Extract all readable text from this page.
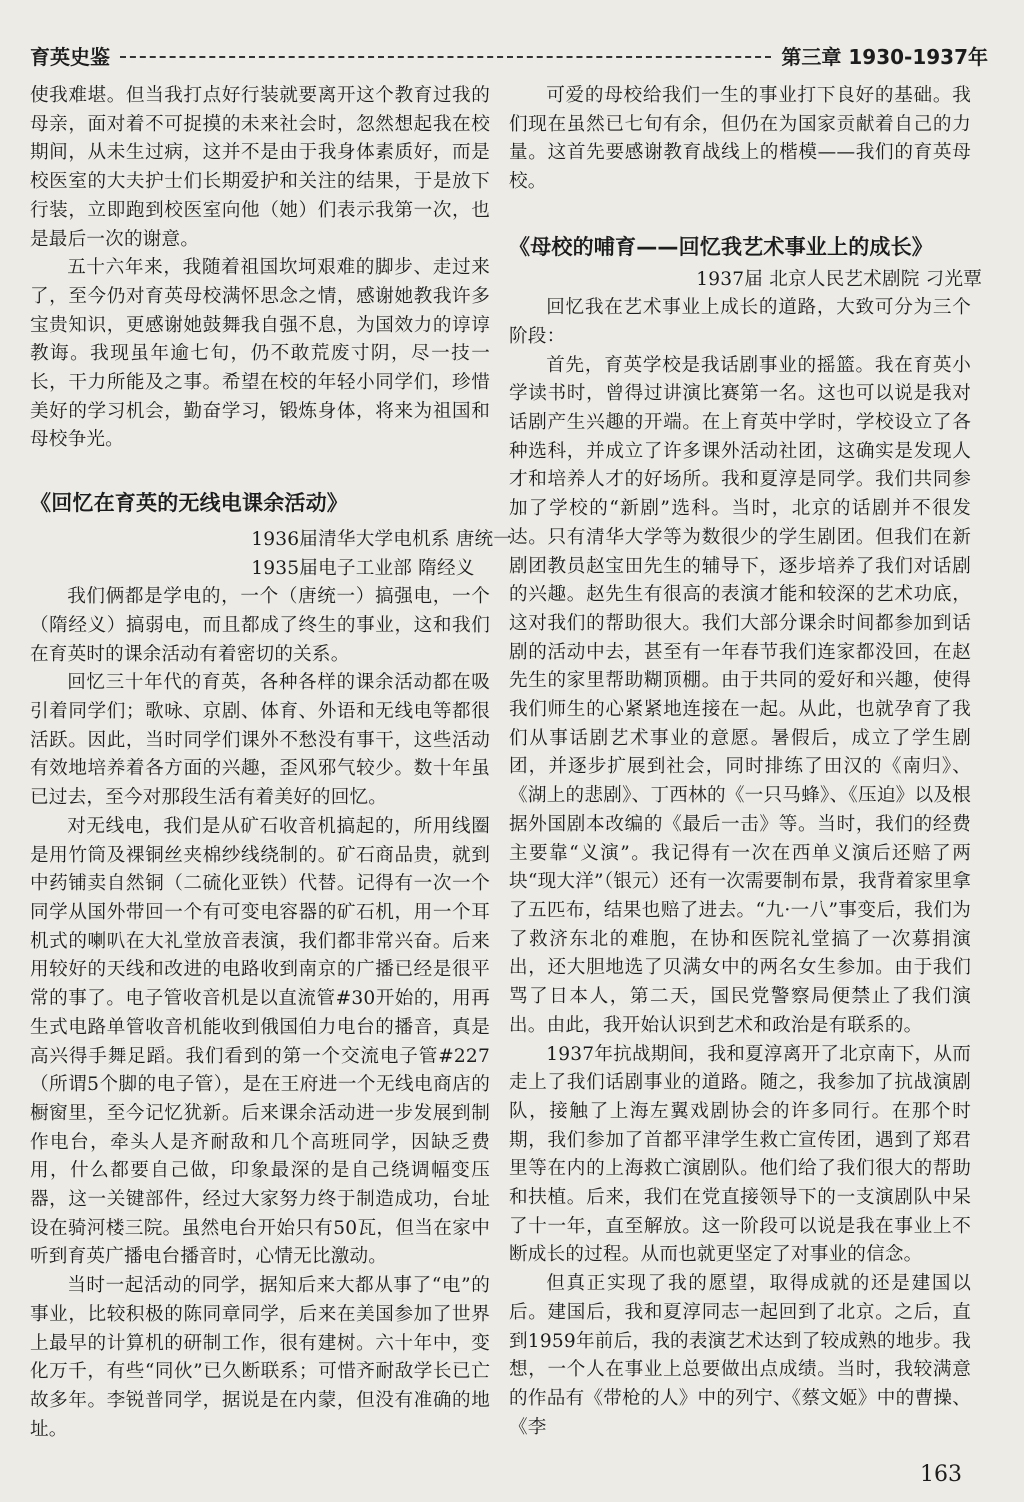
育英史鉴	第三章 1930-1937年

使我难堪。但当我打点好行装就要离开这个教育过我的母亲，面对着不可捉摸的未来社会时，忽然想起我在校期间，从未生过病，这并不是由于我身体素质好，而是校医室的大夫护士们长期爱护和关注的结果，于是放下行装，立即跑到校医室向他（她）们表示我第一次，也是最后一次的谢意。

五十六年来，我随着祖国坎坷艰难的脚步、走过来了，至今仍对育英母校满怀思念之情，感谢她教我许多宝贵知识，更感谢她鼓舞我自强不息，为国效力的谆谆教诲。我现虽年逾七旬，仍不敢荒废寸阴，尽一技一长，干力所能及之事。希望在校的年轻小同学们，珍惜美好的学习机会，勤奋学习，锻炼身体，将来为祖国和母校争光。

《回忆在育英的无线电课余活动》

1936届清华大学电机系 唐统一

1935届电子工业部 隋经义

我们俩都是学电的，一个（唐统一）搞强电，一个（隋经义）搞弱电，而且都成了终生的事业，这和我们在育英时的课余活动有着密切的关系。

回忆三十年代的育英，各种各样的课余活动都在吸引着同学们；歌咏、京剧、体育、外语和无线电等都很活跃。因此，当时同学们课外不愁没有事干，这些活动有效地培养着各方面的兴趣，歪风邪气较少。数十年虽已过去，至今对那段生活有着美好的回忆。

对无线电，我们是从矿石收音机搞起的，所用线圈是用竹筒及裸铜丝夹棉纱线绕制的。矿石商品贵，就到中药铺卖自然铜（二硫化亚铁）代替。记得有一次一个同学从国外带回一个有可变电容器的矿石机，用一个耳机式的喇叭在大礼堂放音表演，我们都非常兴奋。后来用较好的天线和改进的电路收到南京的广播已经是很平常的事了。电子管收音机是以直流管#30开始的，用再生式电路单管收音机能收到俄国伯力电台的播音，真是高兴得手舞足蹈。我们看到的第一个交流电子管#227（所谓5个脚的电子管），是在王府进一个无线电商店的橱窗里，至今记忆犹新。后来课余活动进一步发展到制作电台，牵头人是齐耐敌和几个高班同学，因缺乏费用，什么都要自己做，印象最深的是自己绕调幅变压器，这一关键部件，经过大家努力终于制造成功，台址设在骑河楼三院。虽然电台开始只有50瓦，但当在家中听到育英广播电台播音时，心情无比激动。

当时一起活动的同学，据知后来大都从事了“电”的事业，比较积极的陈同章同学，后来在美国参加了世界上最早的计算机的研制工作，很有建树。六十年中，变化万千，有些“同伙”已久断联系；可惜齐耐敌学长已亡故多年。李锐普同学，据说是在内蒙，但没有准确的地址。

可爱的母校给我们一生的事业打下良好的基础。我们现在虽然已七旬有余，但仍在为国家贡献着自己的力量。这首先要感谢教育战线上的楷模——我们的育英母校。

《母校的哺育——回忆我艺术事业上的成长》

1937届 北京人民艺术剧院 刁光覃

回忆我在艺术事业上成长的道路，大致可分为三个阶段：

首先，育英学校是我话剧事业的摇篮。我在育英小学读书时，曾得过讲演比赛第一名。这也可以说是我对话剧产生兴趣的开端。在上育英中学时，学校设立了各种选科，并成立了许多课外活动社团，这确实是发现人才和培养人才的好场所。我和夏淳是同学。我们共同参加了学校的“新剧”选科。当时，北京的话剧并不很发达。只有清华大学等为数很少的学生剧团。但我们在新剧团教员赵宝田先生的辅导下，逐步培养了我们对话剧的兴趣。赵先生有很高的表演才能和较深的艺术功底，这对我们的帮助很大。我们大部分课余时间都参加到话剧的活动中去，甚至有一年春节我们连家都没回，在赵先生的家里帮助糊顶棚。由于共同的爱好和兴趣，使得我们师生的心紧紧地连接在一起。从此，也就孕育了我们从事话剧艺术事业的意愿。暑假后，成立了学生剧团，并逐步扩展到社会，同时排练了田汉的《南归》、《湖上的悲剧》、丁西林的《一只马蜂》、《压迫》以及根据外国剧本改编的《最后一击》等。当时，我们的经费主要靠“义演”。我记得有一次在西单义演后还赔了两块“现大洋”（银元）还有一次需要制布景，我背着家里拿了五匹布，结果也赔了进去。“九·一八”事变后，我们为了救济东北的难胞，在协和医院礼堂搞了一次募捐演出，还大胆地选了贝满女中的两名女生参加。由于我们骂了日本人，第二天，国民党警察局便禁止了我们演出。由此，我开始认识到艺术和政治是有联系的。

1937年抗战期间，我和夏淳离开了北京南下，从而走上了我们话剧事业的道路。随之，我参加了抗战演剧队，接触了上海左翼戏剧协会的许多同行。在那个时期，我们参加了首都平津学生救亡宣传团，遇到了郑君里等在内的上海救亡演剧队。他们给了我们很大的帮助和扶植。后来，我们在党直接领导下的一支演剧队中呆了十一年，直至解放。这一阶段可以说是我在事业上不断成长的过程。从而也就更坚定了对事业的信念。

但真正实现了我的愿望，取得成就的还是建国以后。建国后，我和夏淳同志一起回到了北京。之后，直到1959年前后，我的表演艺术达到了较成熟的地步。我想，一个人在事业上总要做出点成绩。当时，我较满意的作品有《带枪的人》中的列宁、《蔡文姬》中的曹操、《李

163
